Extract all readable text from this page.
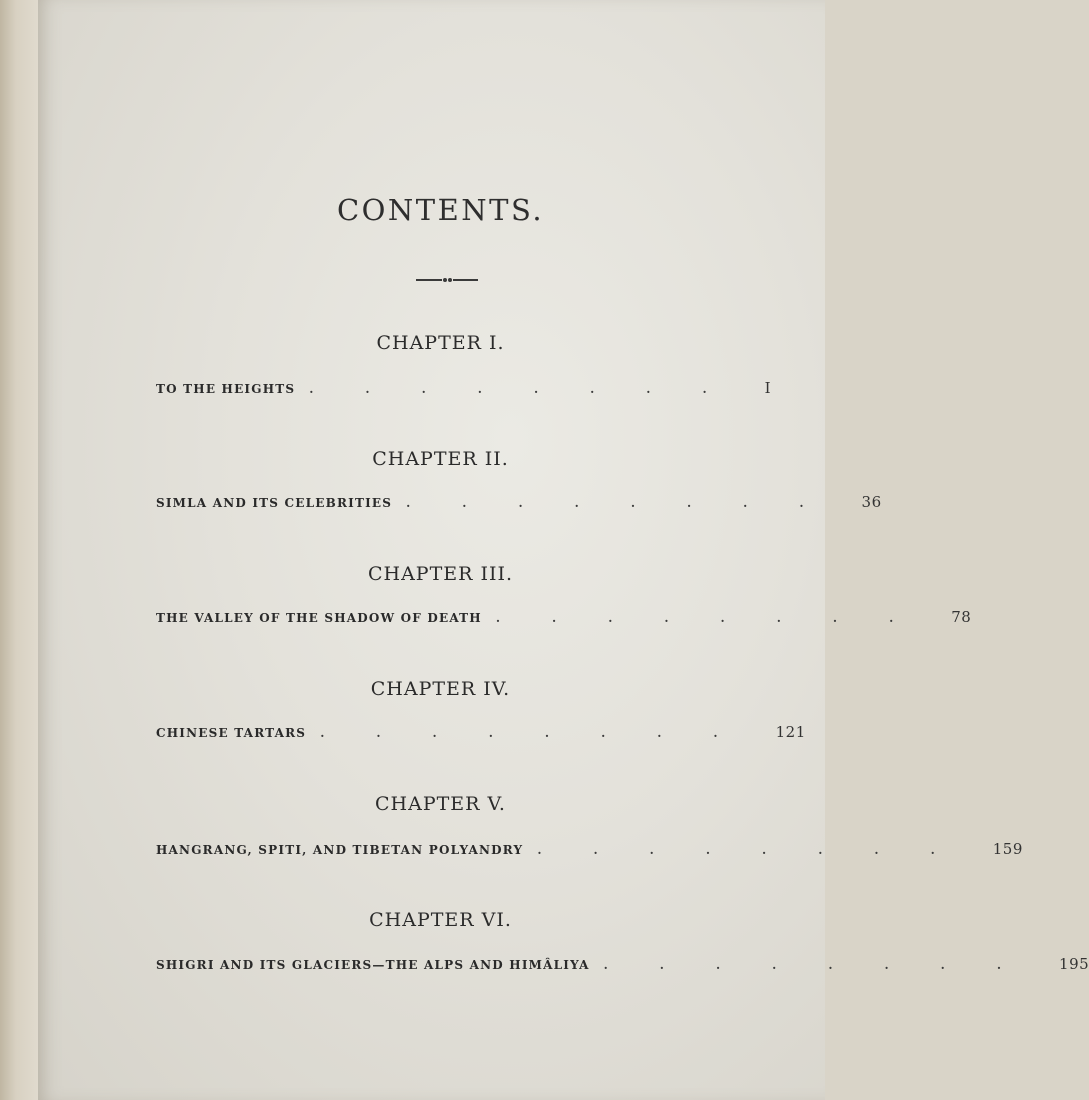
CONTENTS.
CHAPTER I.
TO THE HEIGHTS	........ I
CHAPTER II.
SIMLA AND ITS CELEBRITIES	........ 36
CHAPTER III.
THE VALLEY OF THE SHADOW OF DEATH	........ 78
CHAPTER IV.
CHINESE TARTARS	........ 121
CHAPTER V.
HANGRANG, SPITI, AND TIBETAN POLYANDRY	........ 159
CHAPTER VI.
SHIGRI AND ITS GLACIERS—THE ALPS AND HIMÂLIYA	........ 195
